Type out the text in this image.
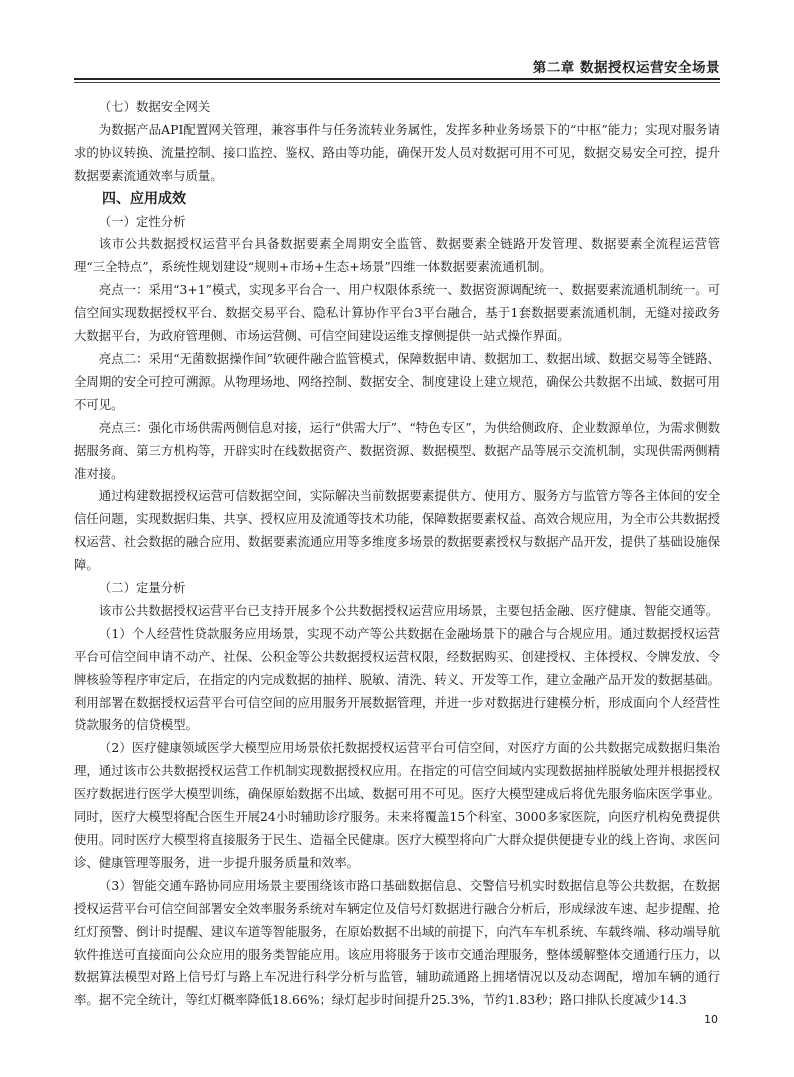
第二章 数据授权运营安全场景
（七）数据安全网关

为数据产品API配置网关管理，兼容事件与任务流转业务属性，发挥多种业务场景下的“中枢”能力；实现对服务请求的协议转换、流量控制、接口监控、鉴权、路由等功能，确保开发人员对数据可用不可见，数据交易安全可控，提升数据要素流通效率与质量。

四、应用成效
（一）定性分析

该市公共数据授权运营平台具备数据要素全周期安全监管、数据要素全链路开发管理、数据要素全流程运营管理“三全特点”，系统性规划建设“规则+市场+生态+场景”四维一体数据要素流通机制。

亮点一：采用“3+1”模式，实现多平台合一、用户权限体系统一、数据资源调配统一、数据要素流通机制统一。可信空间实现数据授权平台、数据交易平台、隐私计算协作平台3平台融合，基于1套数据要素流通机制，无缝对接政务大数据平台，为政府管理侧、市场运营侧、可信空间建设运维支撑侧提供一站式操作界面。

亮点二：采用“无菌数据操作间”软硬件融合监管模式，保障数据申请、数据加工、数据出域、数据交易等全链路、全周期的安全可控可溯源。从物理场地、网络控制、数据安全、制度建设上建立规范，确保公共数据不出域、数据可用不可见。

亮点三：强化市场供需两侧信息对接，运行“供需大厅”、“特色专区”，为供给侧政府、企业数源单位，为需求侧数据服务商、第三方机构等，开辟实时在线数据资产、数据资源、数据模型、数据产品等展示交流机制，实现供需两侧精准对接。

通过构建数据授权运营可信数据空间，实际解决当前数据要素提供方、使用方、服务方与监管方等各主体间的安全信任问题，实现数据归集、共享、授权应用及流通等技术功能，保障数据要素权益、高效合规应用，为全市公共数据授权运营、社会数据的融合应用、数据要素流通应用等多维度多场景的数据要素授权与数据产品开发，提供了基础设施保障。

（二）定量分析

该市公共数据授权运营平台已支持开展多个公共数据授权运营应用场景，主要包括金融、医疗健康、智能交通等。

（1）个人经营性贷款服务应用场景，实现不动产等公共数据在金融场景下的融合与合规应用。通过数据授权运营平台可信空间申请不动产、社保、公积金等公共数据授权运营权限，经数据购买、创建授权、主体授权、令牌发放、令牌核验等程序审定后，在指定的内完成数据的抽样、脱敏、清洗、转义、开发等工作，建立金融产品开发的数据基础。利用部署在数据授权运营平台可信空间的应用服务开展数据管理，并进一步对数据进行建模分析，形成面向个人经营性贷款服务的信贷模型。

（2）医疗健康领域医学大模型应用场景依托数据授权运营平台可信空间，对医疗方面的公共数据完成数据归集治理，通过该市公共数据授权运营工作机制实现数据授权应用。在指定的可信空间域内实现数据抽样脱敏处理并根据授权医疗数据进行医学大模型训练，确保原始数据不出域、数据可用不可见。医疗大模型建成后将优先服务临床医学事业。同时，医疗大模型将配合医生开展24小时辅助诊疗服务。未来将覆盖15个科室、3000多家医院，向医疗机构免费提供使用。同时医疗大模型将直接服务于民生、造福全民健康。医疗大模型将向广大群众提供便捷专业的线上咨询、求医问诊、健康管理等服务，进一步提升服务质量和效率。

（3）智能交通车路协同应用场景主要围绕该市路口基础数据信息、交警信号机实时数据信息等公共数据，在数据授权运营平台可信空间部署安全效率服务系统对车辆定位及信号灯数据进行融合分析后，形成绿波车速、起步提醒、抢红灯预警、倒计时提醒、建议车道等智能服务，在原始数据不出域的前提下，向汽车车机系统、车载终端、移动端导航软件推送可直接面向公众应用的服务类智能应用。该应用将服务于该市交通治理服务，整体缓解整体交通通行压力，以数据算法模型对路上信号灯与路上车况进行科学分析与监管，辅助疏通路上拥堵情况以及动态调配，增加车辆的通行率。据不完全统计，等红灯概率降低18.66%；绿灯起步时间提升25.3%，节约1.83秒；路口排队长度减少14.3

10
